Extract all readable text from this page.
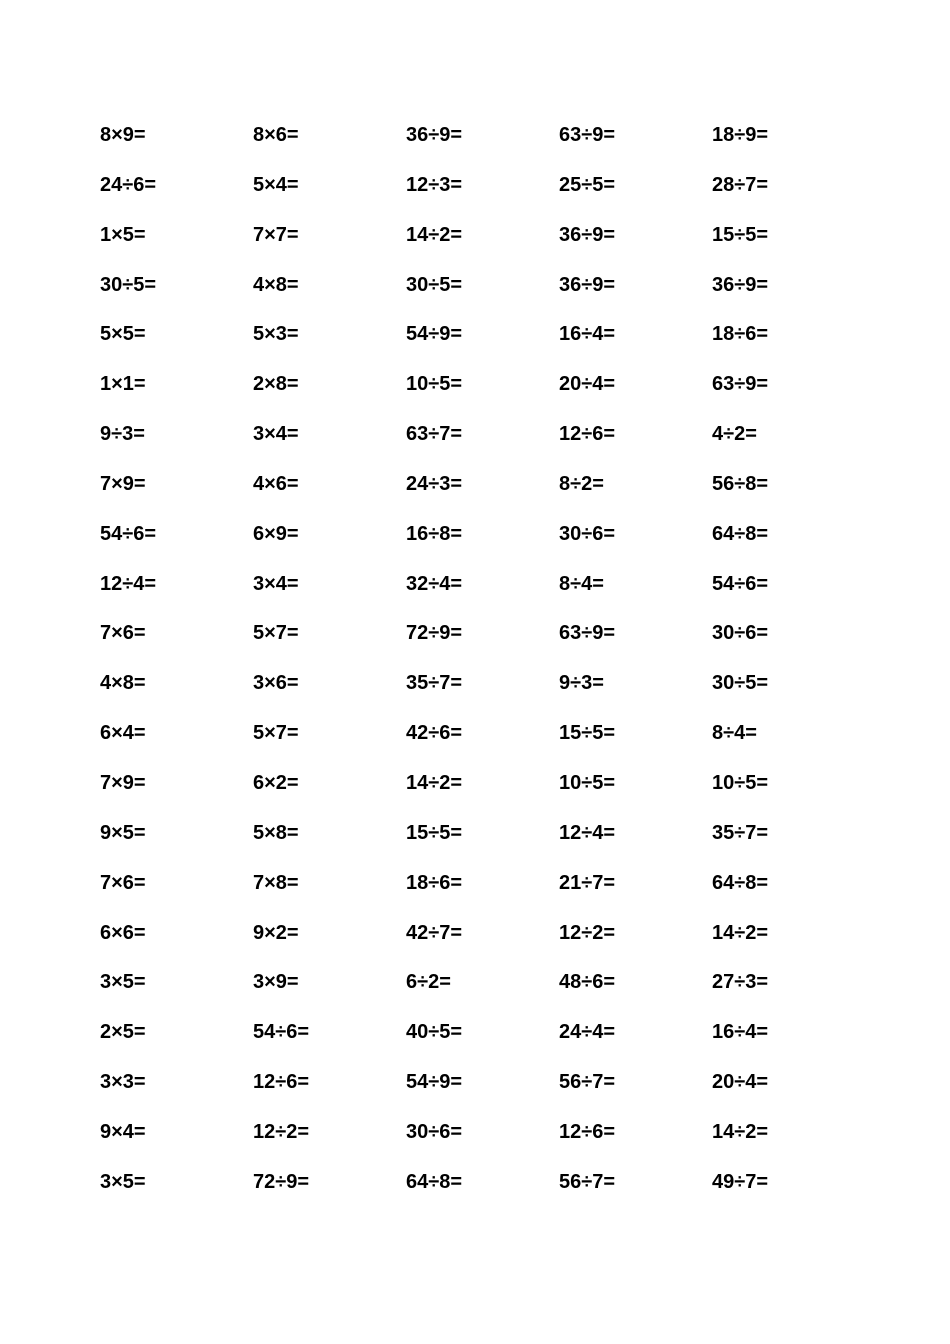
8×9=	8×6=	36÷9=	63÷9=	18÷9=
24÷6=	5×4=	12÷3=	25÷5=	28÷7=
1×5=	7×7=	14÷2=	36÷9=	15÷5=
30÷5=	4×8=	30÷5=	36÷9=	36÷9=
5×5=	5×3=	54÷9=	16÷4=	18÷6=
1×1=	2×8=	10÷5=	20÷4=	63÷9=
9÷3=	3×4=	63÷7=	12÷6=	4÷2=
7×9=	4×6=	24÷3=	8÷2=	56÷8=
54÷6=	6×9=	16÷8=	30÷6=	64÷8=
12÷4=	3×4=	32÷4=	8÷4=	54÷6=
7×6=	5×7=	72÷9=	63÷9=	30÷6=
4×8=	3×6=	35÷7=	9÷3=	30÷5=
6×4=	5×7=	42÷6=	15÷5=	8÷4=
7×9=	6×2=	14÷2=	10÷5=	10÷5=
9×5=	5×8=	15÷5=	12÷4=	35÷7=
7×6=	7×8=	18÷6=	21÷7=	64÷8=
6×6=	9×2=	42÷7=	12÷2=	14÷2=
3×5=	3×9=	6÷2=	48÷6=	27÷3=
2×5=	54÷6=	40÷5=	24÷4=	16÷4=
3×3=	12÷6=	54÷9=	56÷7=	20÷4=
9×4=	12÷2=	30÷6=	12÷6=	14÷2=
3×5=	72÷9=	64÷8=	56÷7=	49÷7=
